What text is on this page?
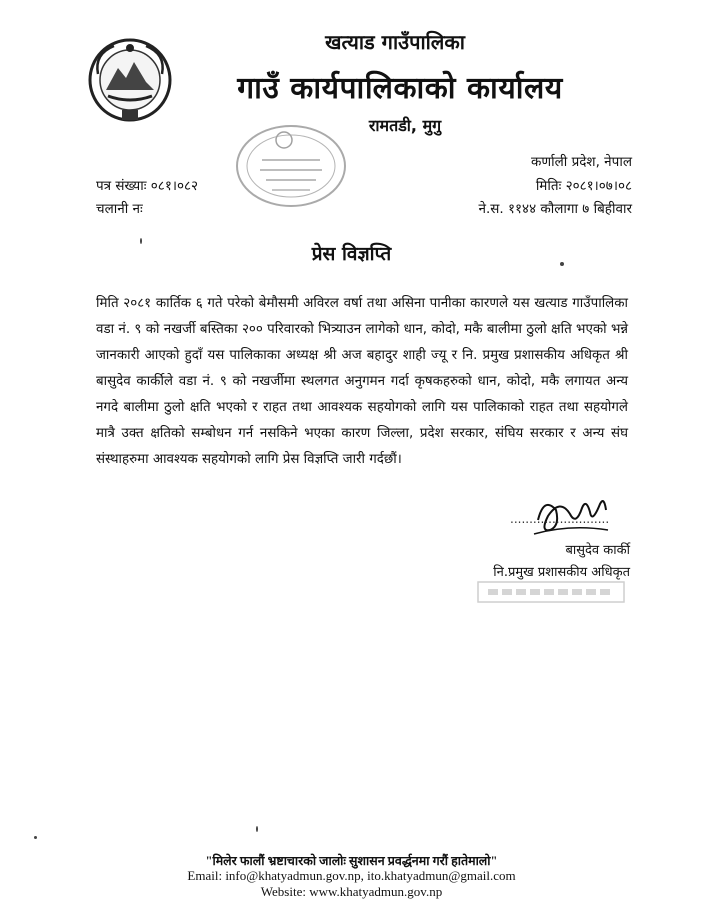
खत्याड गाउँपालिका
गाउँ कार्यपालिकाको कार्यालय
रामतडी, मुगु
कर्णाली प्रदेश, नेपाल
पत्र संख्याः ०८१।०८२	मितिः २०८१।०७।०८
चलानी नः	ने.स. ११४४ कौलागा ७ बिहीवार
प्रेस विज्ञप्ति
मिति २०८१ कार्तिक ६ गते परेको बेमौसमी अविरल वर्षा तथा असिना पानीका कारणले यस खत्याड गाउँपालिका वडा नं. ९ को नखर्जी बस्तिका २०० परिवारको भित्र्याउन लागेको धान, कोदो, मकै बालीमा ठुलो क्षति भएको भन्ने जानकारी आएको हुदाँ यस पालिकाका अध्यक्ष श्री अज बहादुर शाही ज्यू र नि. प्रमुख प्रशासकीय अधिकृत श्री बासुदेव कार्कीले वडा नं. ९ को नखर्जीमा स्थलगत अनुगमन गर्दा कृषकहरुको धान, कोदो, मकै लगायत अन्य नगदे बालीमा ठुलो क्षति भएको र राहत तथा आवश्यक सहयोगको लागि यस पालिकाको राहत तथा सहयोगले मात्रै उक्त क्षतिको सम्बोधन गर्न नसकिने भएका कारण जिल्ला, प्रदेश सरकार, संघिय सरकार र अन्य संघ संस्थाहरुमा आवश्यक सहयोगको लागि प्रेस विज्ञप्ति जारी गर्दछौं।
..........................
बासुदेव कार्की
नि.प्रमुख प्रशासकीय अधिकृत
"मिलेर फालौं भ्रष्टाचारको जालोः सुशासन प्रवर्द्धनमा गरौं हातेमालो"
Email: info@khatyadmun.gov.np, ito.khatyadmun@gmail.com
Website: www.khatyadmun.gov.np
